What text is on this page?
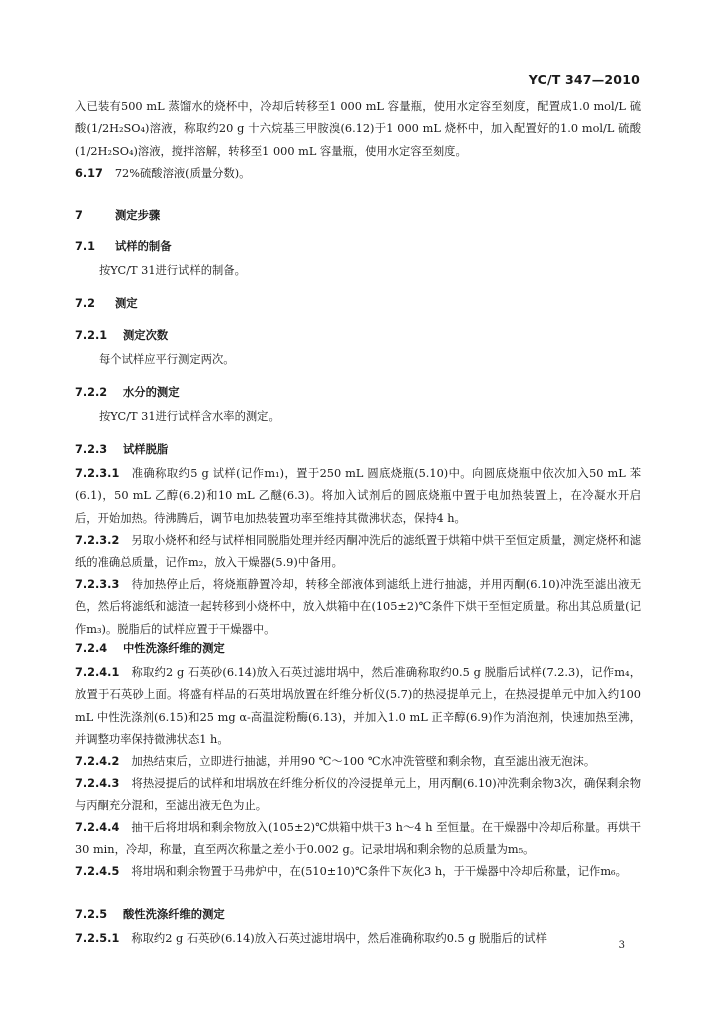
YC/T 347—2010

入已装有500 mL 蒸馏水的烧杯中，冷却后转移至1 000 mL 容量瓶，使用水定容至刻度，配置成1.0 mol/L 硫酸(1/2H₂SO₄)溶液，称取约20 g 十六烷基三甲胺溴(6.12)于1 000 mL 烧杯中，加入配置好的1.0 mol/L 硫酸(1/2H₂SO₄)溶液，搅拌溶解，转移至1 000 mL 容量瓶，使用水定容至刻度。

6.17 72%硫酸溶液(质量分数)。

7	测定步骤

7.1 试样的制备

按YC/T 31进行试样的制备。

7.2 测定

7.2.1 测定次数

每个试样应平行测定两次。

7.2.2 水分的测定

按YC/T 31进行试样含水率的测定。

7.2.3 试样脱脂

7.2.3.1 准确称取约5 g 试样(记作m₁)，置于250 mL 圆底烧瓶(5.10)中。向圆底烧瓶中依次加入50 mL 苯(6.1)，50 mL 乙醇(6.2)和10 mL 乙醚(6.3)。将加入试剂后的圆底烧瓶中置于电加热装置上，在冷凝水开启后，开始加热。待沸腾后，调节电加热装置功率至维持其微沸状态，保持4 h。

7.2.3.2 另取小烧杯和经与试样相同脱脂处理并经丙酮冲洗后的滤纸置于烘箱中烘干至恒定质量，测定烧杯和滤纸的准确总质量，记作m₂，放入干燥器(5.9)中备用。

7.2.3.3 待加热停止后，将烧瓶静置冷却，转移全部液体到滤纸上进行抽滤，并用丙酮(6.10)冲洗至滤出液无色，然后将滤纸和滤渣一起转移到小烧杯中，放入烘箱中在(105±2)℃条件下烘干至恒定质量。称出其总质量(记作m₃)。脱脂后的试样应置于干燥器中。

7.2.4 中性洗涤纤维的测定

7.2.4.1 称取约2 g 石英砂(6.14)放入石英过滤坩埚中，然后准确称取约0.5 g 脱脂后试样(7.2.3)，记作m₄，放置于石英砂上面。将盛有样品的石英坩埚放置在纤维分析仪(5.7)的热浸提单元上，在热浸提单元中加入约100 mL 中性洗涤剂(6.15)和25 mg α-高温淀粉酶(6.13)，并加入1.0 mL 正辛醇(6.9)作为消泡剂，快速加热至沸，并调整功率保持微沸状态1 h。

7.2.4.2 加热结束后，立即进行抽滤，并用90 ℃～100 ℃水冲洗管壁和剩余物，直至滤出液无泡沫。

7.2.4.3 将热浸提后的试样和坩埚放在纤维分析仪的冷浸提单元上，用丙酮(6.10)冲洗剩余物3次，确保剩余物与丙酮充分混和，至滤出液无色为止。

7.2.4.4 抽干后将坩埚和剩余物放入(105±2)℃烘箱中烘干3 h～4 h 至恒量。在干燥器中冷却后称量。再烘干30 min，冷却，称量，直至两次称量之差小于0.002 g。记录坩埚和剩余物的总质量为m₅。

7.2.4.5 将坩埚和剩余物置于马弗炉中，在(510±10)℃条件下灰化3 h，于干燥器中冷却后称量，记作m₆。

7.2.5 酸性洗涤纤维的测定

7.2.5.1 称取约2 g 石英砂(6.14)放入石英过滤坩埚中，然后准确称取约0.5 g 脱脂后的试样

3
